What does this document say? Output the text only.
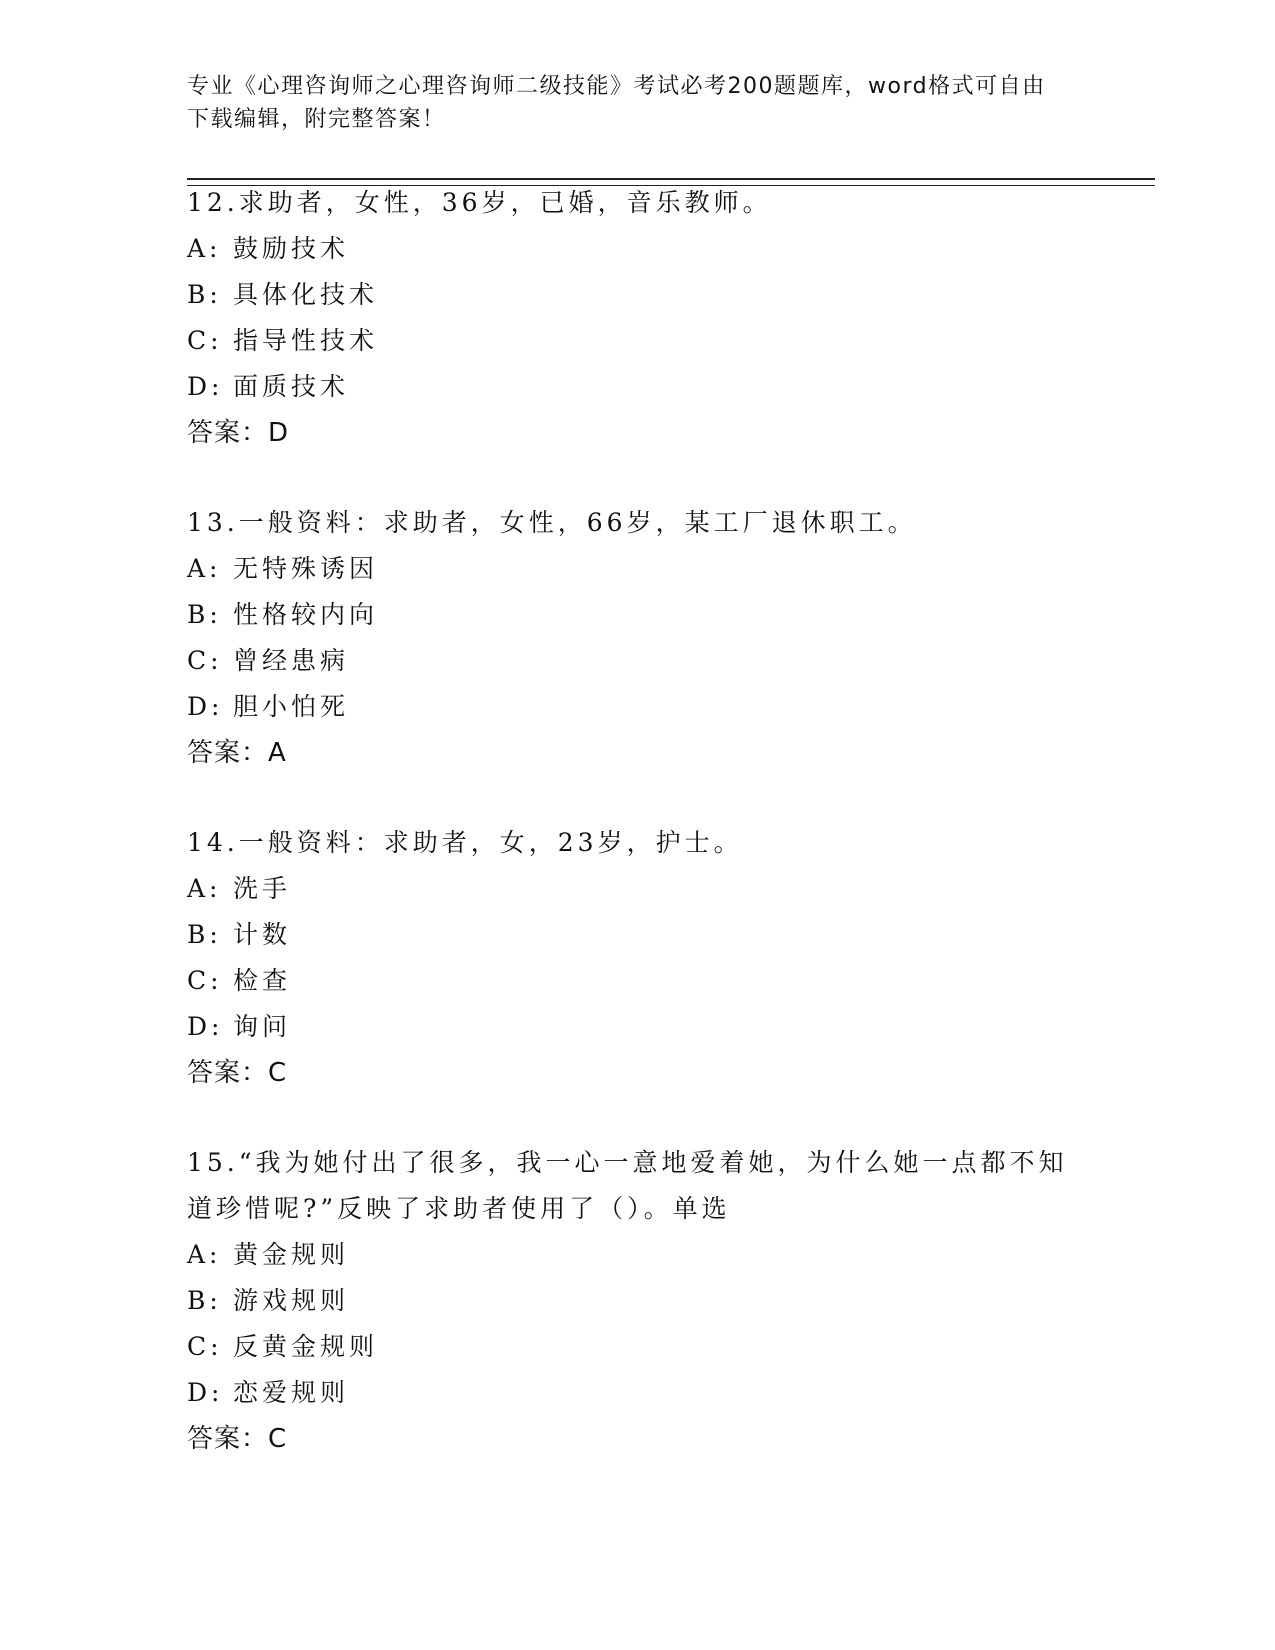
专业《心理咨询师之心理咨询师二级技能》考试必考200题题库，word格式可自由下载编辑，附完整答案！
12.求助者，女性，36岁，已婚，音乐教师。
A: 鼓励技术
B: 具体化技术
C: 指导性技术
D: 面质技术
答案：D
13.一般资料：求助者，女性，66岁，某工厂退休职工。
A: 无特殊诱因
B: 性格较内向
C: 曾经患病
D: 胆小怕死
答案：A
14.一般资料：求助者，女，23岁，护士。
A: 洗手
B: 计数
C: 检查
D: 询问
答案：C
15.“我为她付出了很多，我一心一意地爱着她，为什么她一点都不知道珍惜呢?”反映了求助者使用了（）。单选
A: 黄金规则
B: 游戏规则
C: 反黄金规则
D: 恋爱规则
答案：C
